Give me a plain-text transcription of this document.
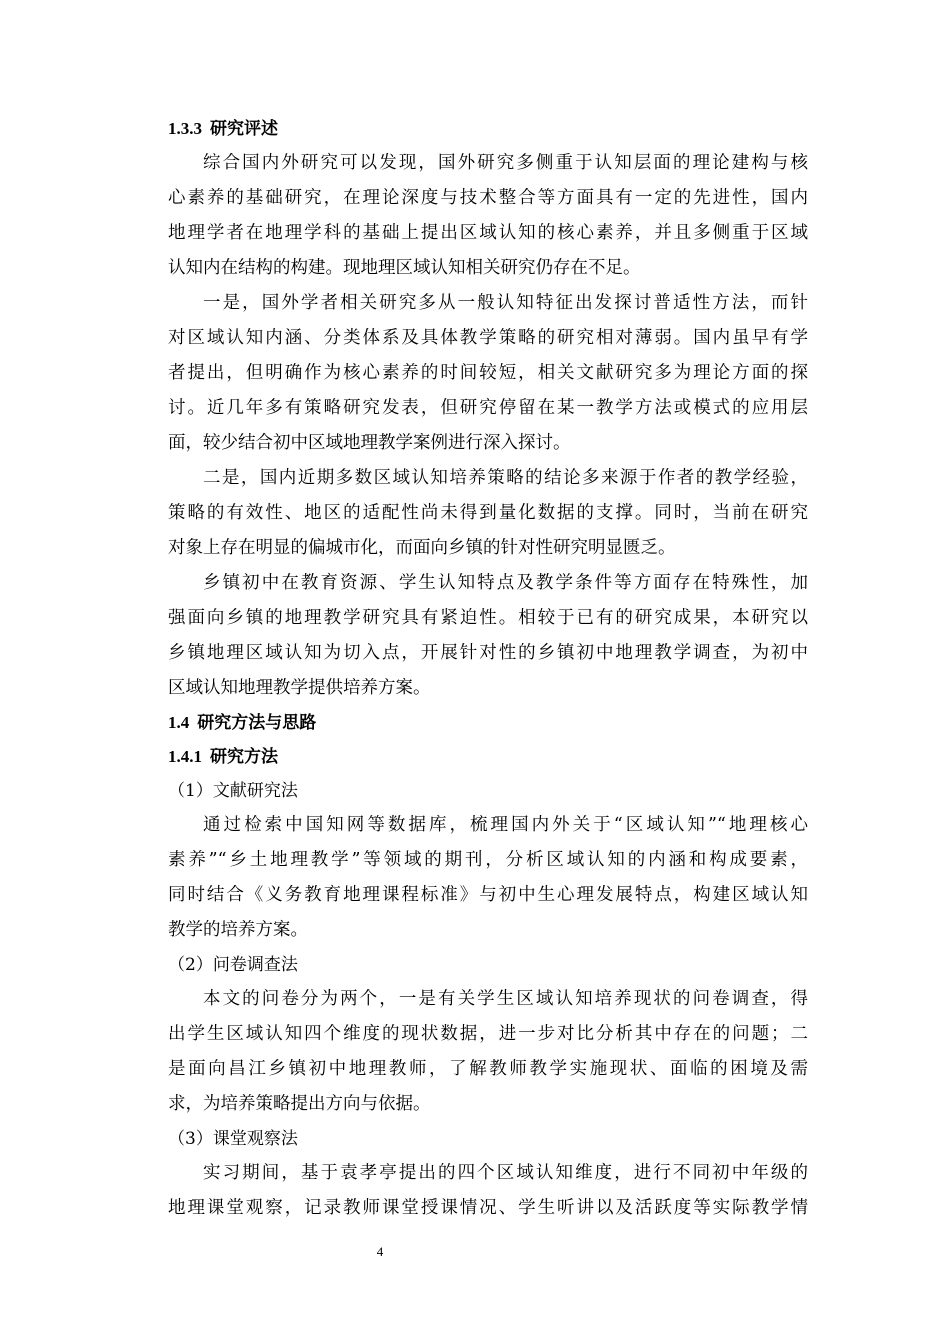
1.3.3 研究评述

综合国内外研究可以发现，国外研究多侧重于认知层面的理论建构与核

心素养的基础研究，在理论深度与技术整合等方面具有一定的先进性，国内

地理学者在地理学科的基础上提出区域认知的核心素养，并且多侧重于区域

认知内在结构的构建。现地理区域认知相关研究仍存在不足。

一是，国外学者相关研究多从一般认知特征出发探讨普适性方法，而针

对区域认知内涵、分类体系及具体教学策略的研究相对薄弱。国内虽早有学

者提出，但明确作为核心素养的时间较短，相关文献研究多为理论方面的探

讨。近几年多有策略研究发表，但研究停留在某一教学方法或模式的应用层

面，较少结合初中区域地理教学案例进行深入探讨。

二是，国内近期多数区域认知培养策略的结论多来源于作者的教学经验，

策略的有效性、地区的适配性尚未得到量化数据的支撑。同时，当前在研究

对象上存在明显的偏城市化，而面向乡镇的针对性研究明显匮乏。

乡镇初中在教育资源、学生认知特点及教学条件等方面存在特殊性，加

强面向乡镇的地理教学研究具有紧迫性。相较于已有的研究成果，本研究以

乡镇地理区域认知为切入点，开展针对性的乡镇初中地理教学调查，为初中

区域认知地理教学提供培养方案。

1.4 研究方法与思路
1.4.1 研究方法
（1）文献研究法

通过检索中国知网等数据库，梳理国内外关于“区域认知”“地理核心

素养”“乡土地理教学”等领域的期刊，分析区域认知的内涵和构成要素，

同时结合《义务教育地理课程标准》与初中生心理发展特点，构建区域认知

教学的培养方案。

（2）问卷调查法

本文的问卷分为两个，一是有关学生区域认知培养现状的问卷调查，得

出学生区域认知四个维度的现状数据，进一步对比分析其中存在的问题；二

是面向昌江乡镇初中地理教师，了解教师教学实施现状、面临的困境及需

求，为培养策略提出方向与依据。

（3）课堂观察法

实习期间，基于袁孝亭提出的四个区域认知维度，进行不同初中年级的

地理课堂观察，记录教师课堂授课情况、学生听讲以及活跃度等实际教学情

4
